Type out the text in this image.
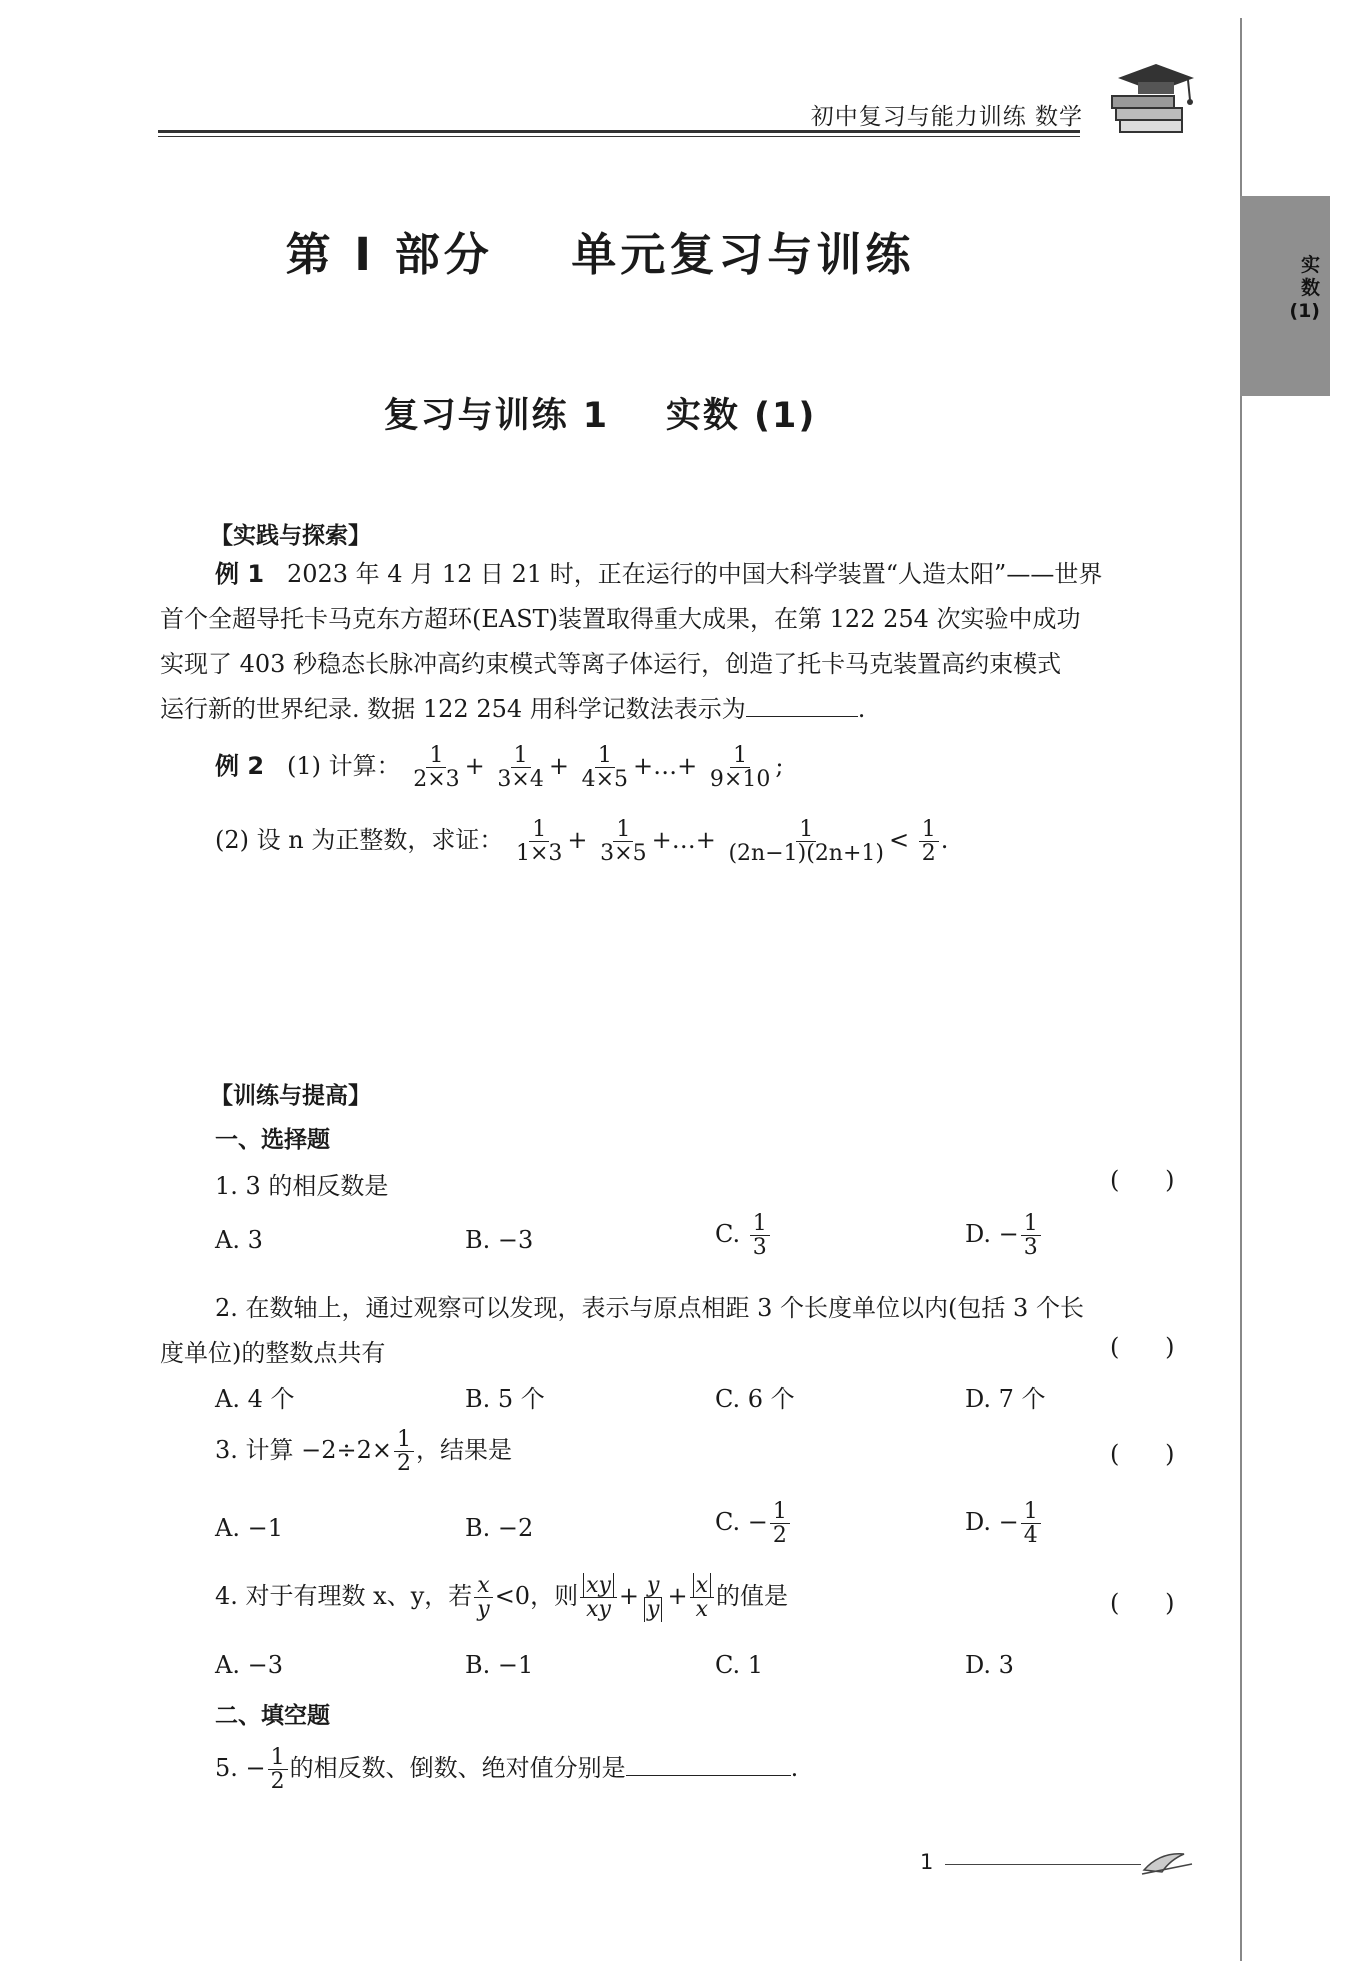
初中复习与能力训练 数学
实
数
(1)
第 I 部分    单元复习与训练
复习与训练 1    实数 (1)
【实践与探索】
例 1 2023 年 4 月 12 日 21 时，正在运行的中国大科学装置“人造太阳”——世界
首个全超导托卡马克东方超环(EAST)装置取得重大成果，在第 122 254 次实验中成功
实现了 403 秒稳态长脉冲高约束模式等离子体运行，创造了托卡马克装置高约束模式
运行新的世界纪录. 数据 122 254 用科学记数法表示为	.
例 2 (1) 计算： $\frac{1}{2\times 3} + \frac{1}{3\times 4} + \frac{1}{4\times 5}$ +…+ $\frac{1}{9\times 10}$ ;
(2) 设 n 为正整数，求证： $\frac{1}{1\times 3} + \frac{1}{3\times 5}$ +…+ $\frac{1}{(2n-1)(2n+1)} < \frac{1}{2}$ .
【训练与提高】
一、选择题
1. 3 的相反数是	(      )
A. 3	B. −3	C. $\frac{1}{3}$	D. − $\frac{1}{3}$
2. 在数轴上，通过观察可以发现，表示与原点相距 3 个长度单位以内(包括 3 个长
度单位)的整数点共有	(      )
A. 4 个	B. 5 个	C. 6 个	D. 7 个
3. 计算 $-2\div 2\times \frac{1}{2}$ ，结果是	(      )
A. −1	B. −2	C. − $\frac{1}{2}$	D. − $\frac{1}{4}$
4. 对于有理数 x、y，若 $\frac{x}{y} <0$，则 $\frac{xy}{xy} + \frac{y}{y} + \frac{x}{x}$ 的值是	(      )
A. −3	B. −1	C. 1	D. 3
二、填空题
5. − $\frac{1}{2}$ 的相反数、倒数、绝对值分别是	.
1
